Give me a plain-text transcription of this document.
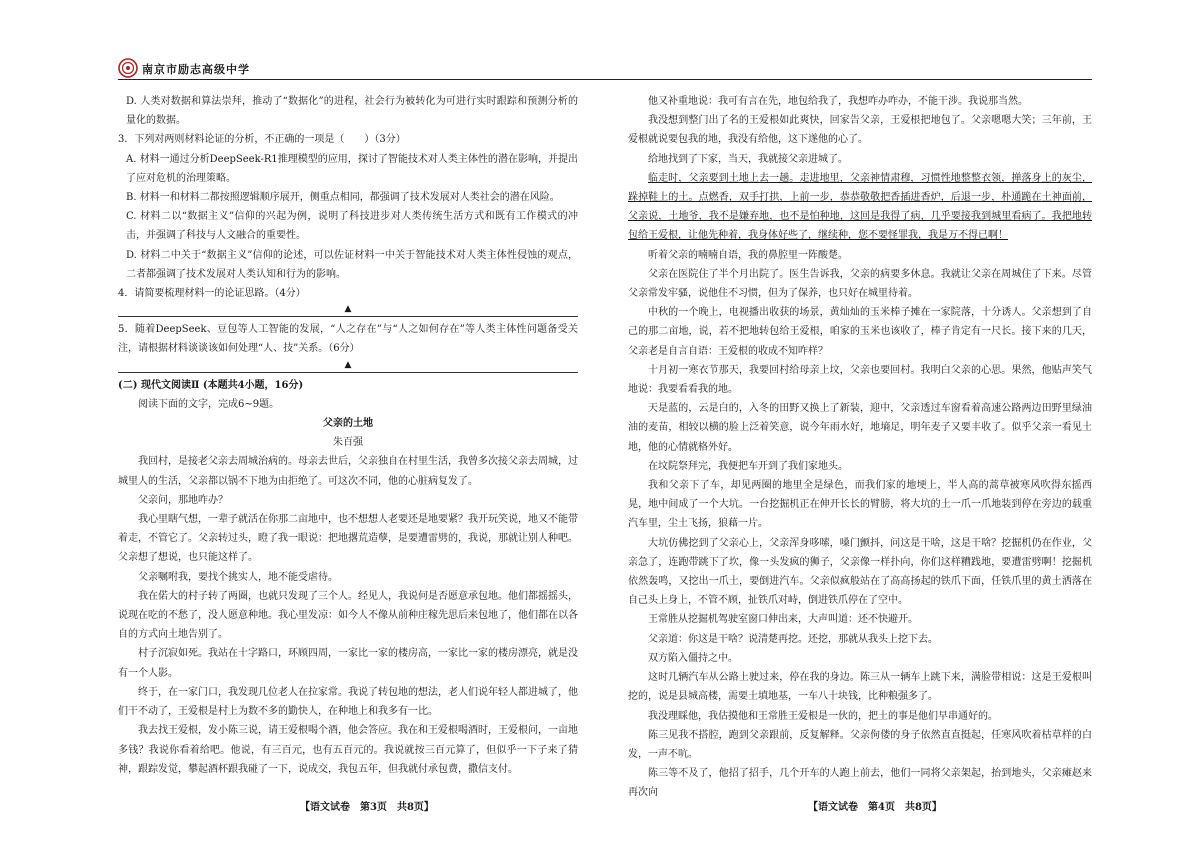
南京市励志高级中学

D. 人类对数据和算法崇拜，推动了“数据化”的进程，社会行为被转化为可进行实时跟踪和预测分析的量化的数据。

3．下列对两则材料论证的分析，不正确的一项是（　　）（3分）

A. 材料一通过分析DeepSeek-R1推理模型的应用，探讨了智能技术对人类主体性的潜在影响，并提出了应对危机的治理策略。

B. 材料一和材料二都按照逻辑顺序展开，侧重点相同，都强调了技术发展对人类社会的潜在风险。

C. 材料二以“数据主义”信仰的兴起为例，说明了科技进步对人类传统生活方式和既有工作模式的冲击，并强调了科技与人文融合的重要性。

D. 材料二中关于“数据主义”信仰的论述，可以佐证材料一中关于智能技术对人类主体性侵蚀的观点，二者都强调了技术发展对人类认知和行为的影响。

4．请简要梳理材料一的论证思路。（4分）

▲

5．随着DeepSeek、豆包等人工智能的发展，“人之存在”与“人之如何存在”等人类主体性问题备受关注，请根据材料谈谈该如何处理“人、技”关系。（6分）

▲

(二) 现代文阅读Ⅱ (本题共4小题，16分)

阅读下面的文字，完成6~9题。

父亲的土地

朱百强

我回村，是接老父亲去周城治病的。母亲去世后，父亲独自在村里生活，我曾多次接父亲去周城，过城里人的生活，父亲都以锅不下地为由拒绝了。可这次不同，他的心脏病复发了。

父亲问，那地咋办？

我心里瞎气想，一辈子就活在你那二亩地中，也不想想人老要还是地要紧？我开玩笑说，地又不能带着走，不管它了。父亲转过头，瞪了我一眼说：把地撂荒造孽，是要遭雷劈的，我说，那就让别人种吧。父亲想了想说，也只能这样了。

父亲嘱咐我，要找个挑实人，地不能受虐待。

我在偌大的村子转了两圈，也就只发现了三个人。经见人，我说何是否愿意承包地。他们都摇摇头，说现在吃的不愁了，没人愿意种地。我心里发凉：如今人不像从前种庄稼先思后来包地了，他们都在以各自的方式向土地告别了。

村子沉寂如死。我站在十字路口，环顾四周，一家比一家的楼房高，一家比一家的楼房漂亮，就是没有一个人影。

终于，在一家门口，我发现几位老人在拉家常。我说了转包地的想法，老人们说年轻人都进城了，他们干不动了，王爱根是村上为数不多的勤快人，在种地上和我多有一比。

我去找王爱根，发小陈三说，请王爱根喝个酒，他会答应。我在和王爱根喝酒时，王爱根问，一亩地多钱？我说你看着给吧。他说，有三百元，也有五百元的。我说就按三百元算了，但似乎一下子来了猜神，跟踪发觉，攀起酒杯跟我碰了一下，说成交，我包五年，但我就付承包费，撒信支付。

他又补重地说：我可有言在先，地包给我了，我想咋办咋办，不能干涉。我说那当然。

我没想到整门出了名的王爱根如此爽快，回家告父亲，王爱根把地包了。父亲嗯嗯大笑；三年前，王爱根就说要包我的地，我没有给他，这下遂他的心了。

给地找到了下家，当天，我就接父亲进城了。

临走时，父亲要到土地上去一趟。走进地里，父亲神情肃穆，习惯性地整整衣领，掸落身上的灰尘，跺掉鞋上的土。点燃香，双手打拱，上前一步，恭恭敬敬把香插进香炉，后退一步，朴通跪在土神面前，父亲说，土地爷，我不是嫌弃地，也不是怕种地，这回是我得了病，几乎要接我到城里看病了。我把地转包给王爱根，让他先种着，我身体好些了，继续种，您不要怪罪我，我是万不得已啊！

听着父亲的喃喃自语，我的鼻腔里一阵酸楚。

父亲在医院住了半个月出院了。医生告诉我，父亲的病要多休息。我就让父亲在周城住了下来。尽管父亲常发牢骚，说他住不习惯，但为了保养，也只好在城里待着。

中秋的一个晚上，电视播出收获的场景，黄灿灿的玉米棒子摊在一家院落，十分诱人。父亲想到了自己的那二亩地，说，若不把地转包给王爱根，咱家的玉米也该收了，棒子肯定有一尺长。接下来的几天，父亲老是自言自语：王爱根的收成不知咋样？

十月初一寒衣节那天，我要回村给母亲上坟，父亲也要回村。我明白父亲的心思。果然，他贴声笑气地说：我要看看我的地。

天是蓝的，云是白的，入冬的田野又换上了新装，迎中，父亲透过车窗看着高速公路两边田野里绿油油的麦苗，相较以横的脸上泛着笑意，说今年雨水好，地墒足，明年麦子又要丰收了。似乎父亲一看见土地，他的心情就格外好。

在坟院祭拜完，我便把车开到了我们家地头。

我和父亲下了车，却见两圈的地里全是绿色，而我们家的地埂上，半人高的蒿草被寒风吹得东摇西晃，地中间成了一个大坑。一台挖掘机正在伸开长长的臂膀，将大坑的土一爪一爪地装到停在旁边的载重汽车里，尘土飞扬，狼藉一片。

大坑仿佛挖到了父亲心上，父亲浑身哆嗦，嗓门颤抖，问这是干啥，这是干啥？挖掘机仍在作业，父亲急了，连跑带跳下了坎，像一头发疯的狮子，父亲像一样扑向，你们这样糟践地，要遭雷劈啊！挖掘机依然轰鸣，又挖出一爪土，要倒进汽车。父亲似疯般站在了高高扬起的铁爪下面，任铁爪里的黄土洒落在自己头上身上，不管不顾，扯铁爪对峙，倒进铁爪停在了空中。

王常胜从挖掘机驾驶室窗口伸出来，大声叫道：还不快避开。

父亲道：你这是干啥？说清楚再挖。还挖，那就从我头上挖下去。

双方陷入僵持之中。

这时几辆汽车从公路上驶过来，停在我的身边。陈三从一辆车上跳下来，满脸带相说：这是王爱根叫挖的，说是县城高楼，需要土填地基，一车八十块钱，比种粮强多了。

我没理睬他，我估摸他和王常胜王爱根是一伙的，把土的事是他们早串通好的。

陈三见我不搭腔，跑到父亲跟前，反复解释。父亲佝偻的身子依然直直挺起，任寒风吹着枯草样的白发，一声不吭。

陈三等不及了，他招了招手，几个开车的人跑上前去，他们一同将父亲架起，抬到地头，父亲瘫赵来再次向

【语文试卷　第3页　共8页】	【语文试卷　第4页　共8页】
